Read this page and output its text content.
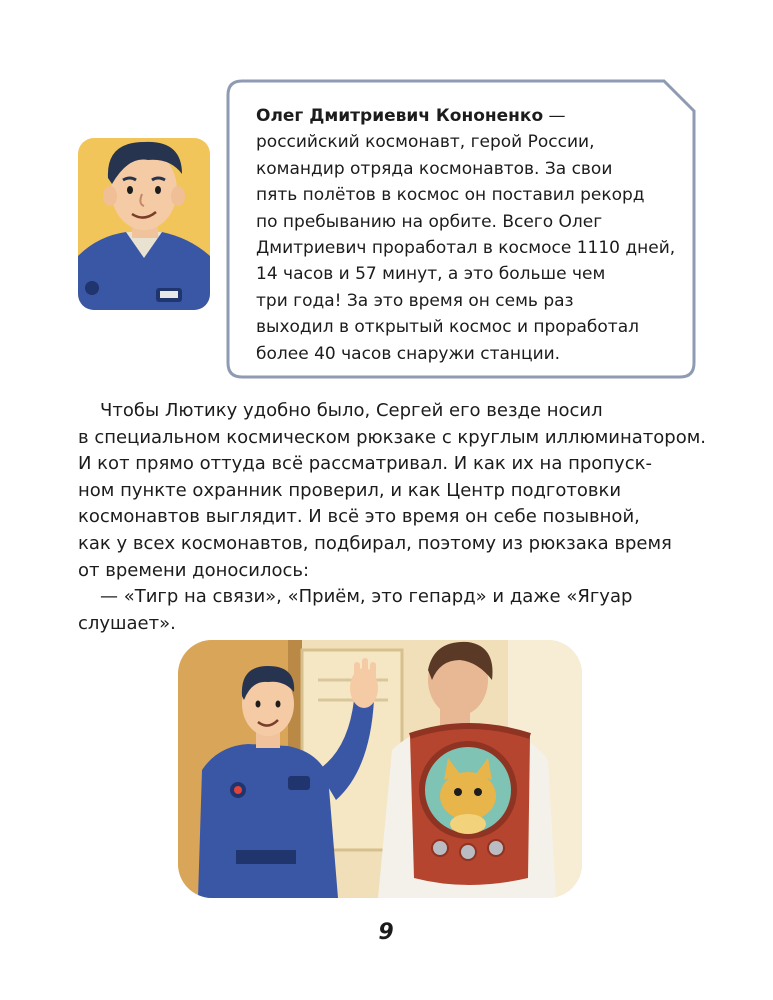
Олег Дмитриевич Кононенко —
российский космонавт, герой России,
командир отряда космонавтов. За свои
пять полётов в космос он поставил рекорд
по пребыванию на орбите. Всего Олег
Дмитриевич проработал в космосе 1110 дней,
14 часов и 57 минут, а это больше чем
три года! За это время он семь раз
выходил в открытый космос и проработал
более 40 часов снаружи станции.
Чтобы Лютику удобно было, Сергей его везде носил
в специальном космическом рюкзаке с круглым иллюминатором.
И кот прямо оттуда всё рассматривал. И как их на пропуск-
ном пункте охранник проверил, и как Центр подготовки
космонавтов выглядит. И всё это время он себе позывной,
как у всех космонавтов, подбирал, поэтому из рюкзака время
от времени доносилось:
— «Тигр на связи», «Приём, это гепард» и даже «Ягуар
слушает».
9
